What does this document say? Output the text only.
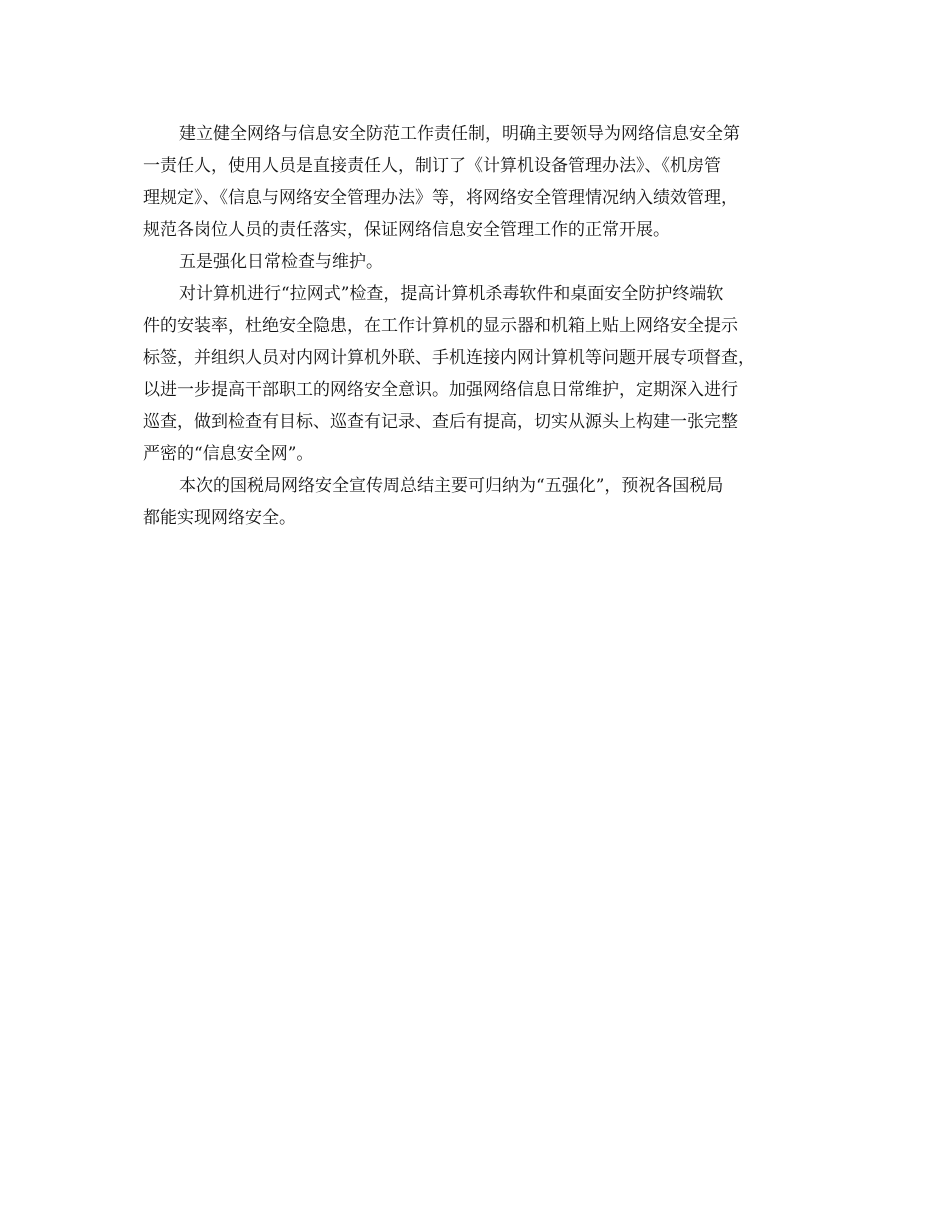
建立健全网络与信息安全防范工作责任制，明确主要领导为网络信息安全第
一责任人，使用人员是直接责任人，制订了《计算机设备管理办法》、《机房管
理规定》、《信息与网络安全管理办法》等，将网络安全管理情况纳入绩效管理，
规范各岗位人员的责任落实，保证网络信息安全管理工作的正常开展。
五是强化日常检查与维护。
对计算机进行“拉网式”检查，提高计算机杀毒软件和桌面安全防护终端软
件的安装率，杜绝安全隐患，在工作计算机的显示器和机箱上贴上网络安全提示
标签，并组织人员对内网计算机外联、手机连接内网计算机等问题开展专项督查，
以进一步提高干部职工的网络安全意识。加强网络信息日常维护，定期深入进行
巡查，做到检查有目标、巡查有记录、查后有提高，切实从源头上构建一张完整
严密的“信息安全网”。
本次的国税局网络安全宣传周总结主要可归纳为“五强化”，预祝各国税局
都能实现网络安全。
